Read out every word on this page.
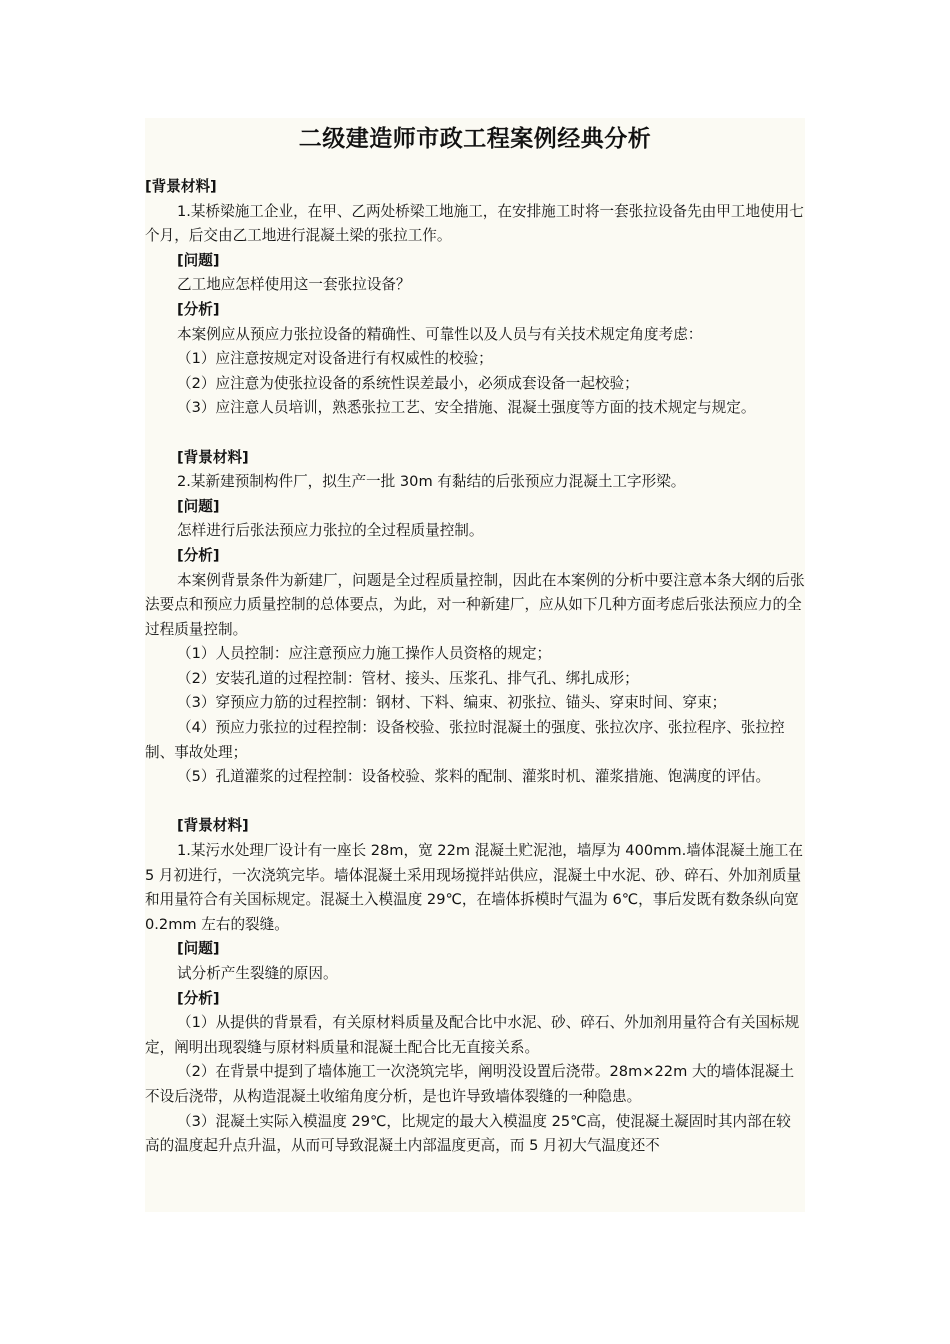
二级建造师市政工程案例经典分析

[背景材料]

1.某桥梁施工企业，在甲、乙两处桥梁工地施工，在安排施工时将一套张拉设备先由甲工地使用七个月，后交由乙工地进行混凝土梁的张拉工作。

[问题]

乙工地应怎样使用这一套张拉设备？

[分析]

本案例应从预应力张拉设备的精确性、可靠性以及人员与有关技术规定角度考虑：

（1）应注意按规定对设备进行有权威性的校验；

（2）应注意为使张拉设备的系统性误差最小，必须成套设备一起校验；

（3）应注意人员培训，熟悉张拉工艺、安全措施、混凝土强度等方面的技术规定与规定。

[背景材料]

2.某新建预制构件厂，拟生产一批 30m 有黏结的后张预应力混凝土工字形梁。

[问题]

怎样进行后张法预应力张拉的全过程质量控制。

[分析]

本案例背景条件为新建厂，问题是全过程质量控制，因此在本案例的分析中要注意本条大纲的后张法要点和预应力质量控制的总体要点，为此，对一种新建厂，应从如下几种方面考虑后张法预应力的全过程质量控制。

（1）人员控制：应注意预应力施工操作人员资格的规定；

（2）安装孔道的过程控制：管材、接头、压浆孔、排气孔、绑扎成形；

（3）穿预应力筋的过程控制：钢材、下料、编束、初张拉、锚头、穿束时间、穿束；

（4）预应力张拉的过程控制：设备校验、张拉时混凝土的强度、张拉次序、张拉程序、张拉控制、事故处理；

（5）孔道灌浆的过程控制：设备校验、浆料的配制、灌浆时机、灌浆措施、饱满度的评估。

[背景材料]

1.某污水处理厂设计有一座长 28m，宽 22m 混凝土贮泥池，墙厚为 400mm.墙体混凝土施工在 5 月初进行，一次浇筑完毕。墙体混凝土采用现场搅拌站供应，混凝土中水泥、砂、碎石、外加剂质量和用量符合有关国标规定。混凝土入模温度 29℃，在墙体拆模时气温为 6℃，事后发既有数条纵向宽 0.2mm 左右的裂缝。

[问题]

试分析产生裂缝的原因。

[分析]

（1）从提供的背景看，有关原材料质量及配合比中水泥、砂、碎石、外加剂用量符合有关国标规定，阐明出现裂缝与原材料质量和混凝土配合比无直接关系。

（2）在背景中提到了墙体施工一次浇筑完毕，阐明没设置后浇带。28m×22m 大的墙体混凝土不设后浇带，从构造混凝土收缩角度分析，是也许导致墙体裂缝的一种隐患。

（3）混凝土实际入模温度 29℃，比规定的最大入模温度 25℃高，使混凝土凝固时其内部在较高的温度起升点升温，从而可导致混凝土内部温度更高，而 5 月初大气温度还不
